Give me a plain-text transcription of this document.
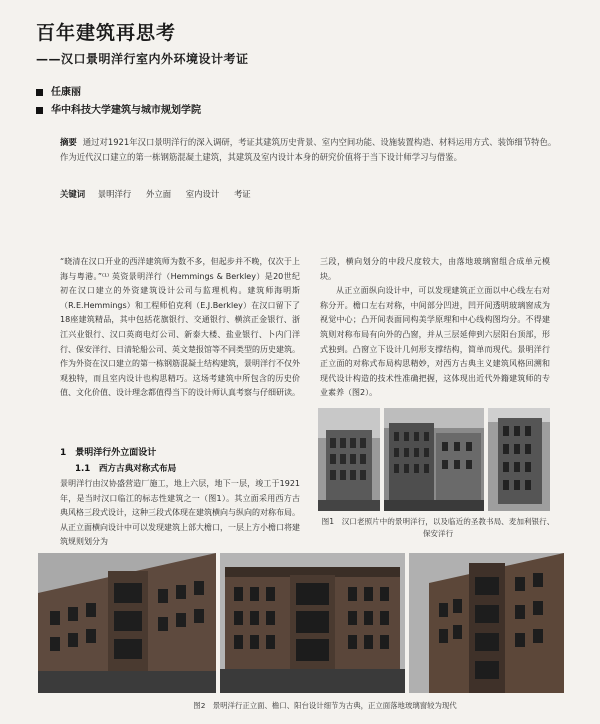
百年建筑再思考
——汉口景明洋行室内外环境设计考证
任康丽
华中科技大学建筑与城市规划学院
摘要 通过对1921年汉口景明洋行的深入调研，考证其建筑历史背景、室内空间功能、设施装置构造、材料运用方式、装饰细节特色。作为近代汉口建立的第一栋钢筋混凝土建筑，其建筑及室内设计本身的研究价值将于当下设计师学习与借鉴。
关键词 景明洋行 外立面 室内设计 考证
“晓清在汉口开业的西洋建筑师为数不多，但起步并不晚，仅次于上海与粤港。”⁽¹⁾ 英资景明洋行（Hemmings & Berkley）是20世纪初在汉口建立的外资建筑设计公司与监理机构。建筑师海明斯（R.E.Hemmings）和工程师伯克利（E.J.Berkley）在汉口留下了18座建筑精品，其中包括花旗银行、交通银行、横滨正金银行、浙江兴业银行、汉口英商电灯公司、新泰大楼、盐业银行、卜内门洋行、保安洋行、日清轮船公司、英文楚报馆等不同类型的历史建筑。作为外资在汉口建立的第一栋钢筋混凝土结构建筑，景明洋行不仅外观独特，而且室内设计也构思精巧。这场考建筑中所包含的历史价值、文化价值、设计理念都值得当下的设计师认真考察与仔细研读。
1　景明洋行外立面设计
1.1　西方古典对称式布局
景明洋行由汉协盛营造厂施工，地上六层，地下一层，竣工于1921年，是当时汉口临江的标志性建筑之一（图1）。其立面采用西方古典风格三段式设计，这种三段式体现在建筑横向与纵向的对称布局。从正立面横向设计中可以发现建筑上部大檐口，一层上方小檐口将建筑规则划分为
三段，横向划分的中段尺度较大，由落地玻璃窗组合成单元模块。
从正立面纵向设计中，可以发现建筑正立面以中心线左右对称分开。檐口左右对称，中间部分凹进，凹开间透明玻璃窗成为视觉中心；凸开间表面同构美学原理和中心线构图均分。不得建筑则对称布局有向外的凸窗，并从三层延伸到六层阳台顶部，形式独到。凸窗立下设计几何形支撑结构，简单而现代。景明洋行正立面的对称式布局构思精妙，对西方古典主义建筑风格回溯和现代设计构造的技术性准确把握，这体现出近代外籍建筑师的专业素养（图2）。
图1　汉口老照片中的景明洋行，以及临近的圣教书局、麦加利银行、保安洋行
图2　景明洋行正立面、檐口、阳台设计细节为古典，正立面落地玻璃窗较为现代
